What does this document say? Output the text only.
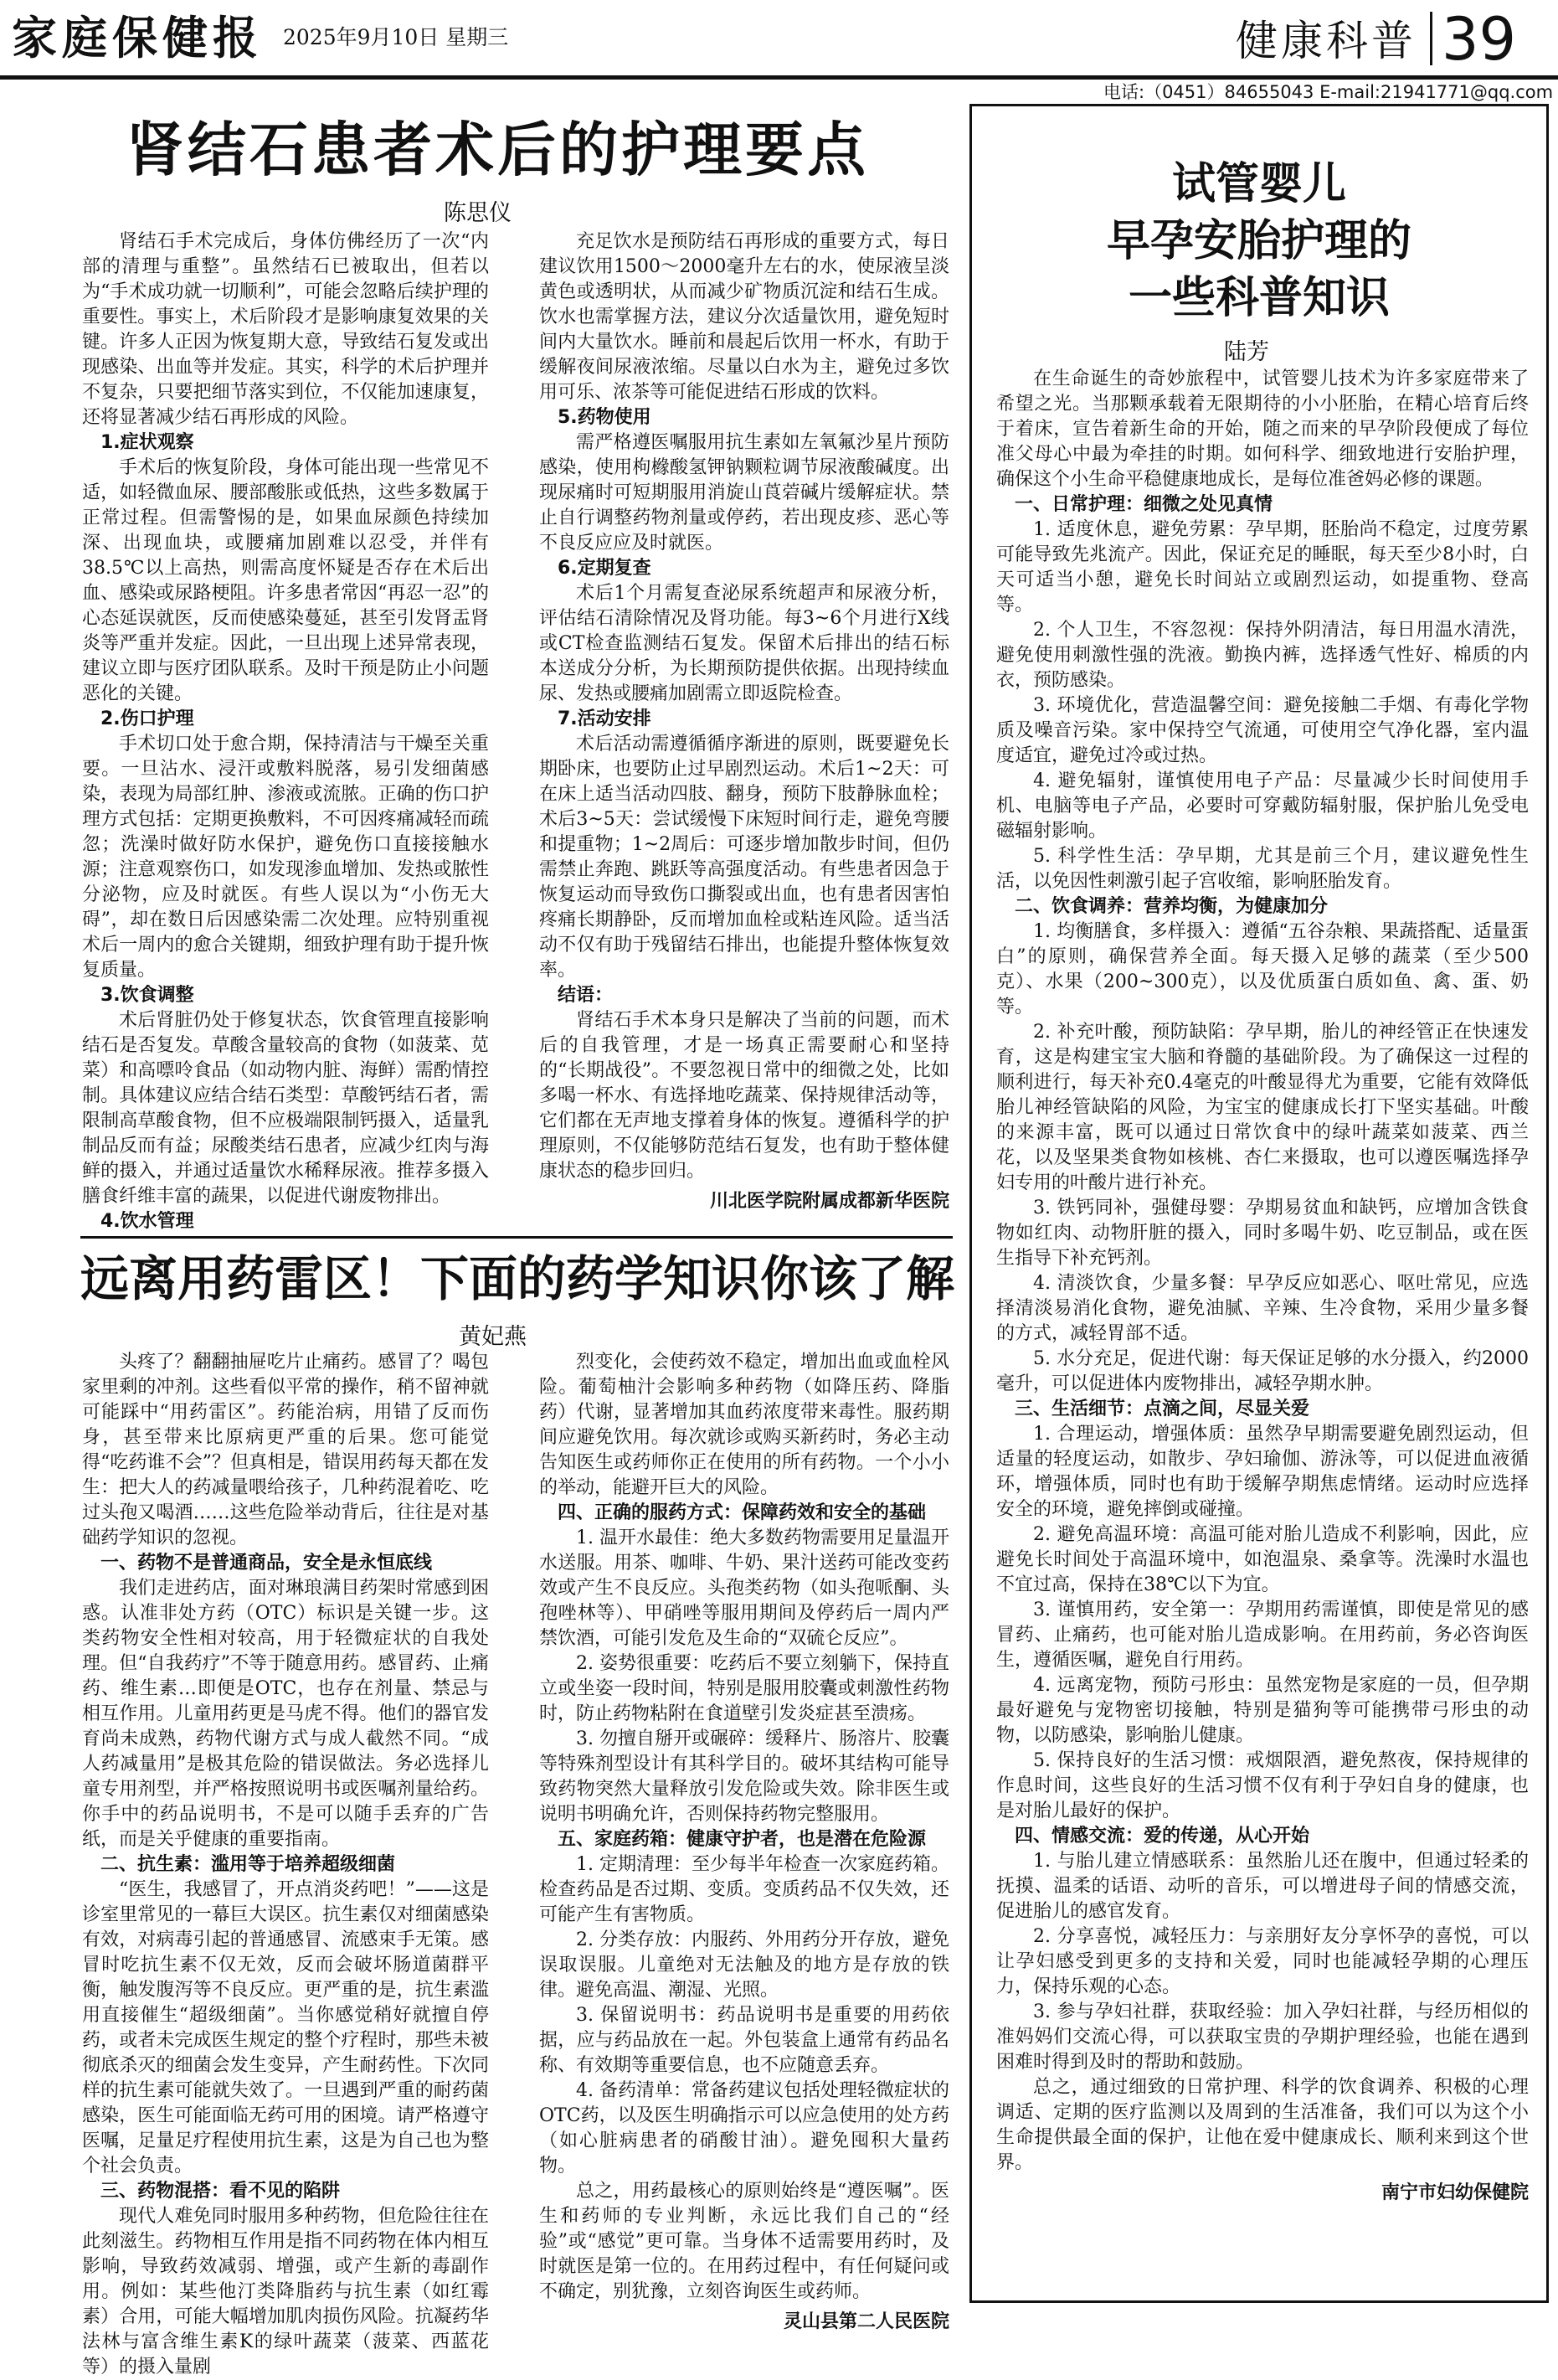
家庭保健报 2025年9月10日 星期三	健康科普 39
电话:（0451）84655043 E-mail:21941771@qq.com
肾结石患者术后的护理要点
陈思仪

肾结石手术完成后，身体仿佛经历了一次“内部的清理与重整”。虽然结石已被取出，但若以为“手术成功就一切顺利”，可能会忽略后续护理的重要性。事实上，术后阶段才是影响康复效果的关键。许多人正因为恢复期大意，导致结石复发或出现感染、出血等并发症。其实，科学的术后护理并不复杂，只要把细节落实到位，不仅能加速康复，还将显著减少结石再形成的风险。

1.症状观察

手术后的恢复阶段，身体可能出现一些常见不适，如轻微血尿、腰部酸胀或低热，这些多数属于正常过程。但需警惕的是，如果血尿颜色持续加深、出现血块，或腰痛加剧难以忍受，并伴有38.5℃以上高热，则需高度怀疑是否存在术后出血、感染或尿路梗阻。许多患者常因“再忍一忍”的心态延误就医，反而使感染蔓延，甚至引发肾盂肾炎等严重并发症。因此，一旦出现上述异常表现，建议立即与医疗团队联系。及时干预是防止小问题恶化的关键。

2.伤口护理

手术切口处于愈合期，保持清洁与干燥至关重要。一旦沾水、浸汗或敷料脱落，易引发细菌感染，表现为局部红肿、渗液或流脓。正确的伤口护理方式包括：定期更换敷料，不可因疼痛减轻而疏忽；洗澡时做好防水保护，避免伤口直接接触水源；注意观察伤口，如发现渗血增加、发热或脓性分泌物，应及时就医。有些人误以为“小伤无大碍”，却在数日后因感染需二次处理。应特别重视术后一周内的愈合关键期，细致护理有助于提升恢复质量。

3.饮食调整

术后肾脏仍处于修复状态，饮食管理直接影响结石是否复发。草酸含量较高的食物（如菠菜、苋菜）和高嘌呤食品（如动物内脏、海鲜）需酌情控制。具体建议应结合结石类型：草酸钙结石者，需限制高草酸食物，但不应极端限制钙摄入，适量乳制品反而有益；尿酸类结石患者，应减少红肉与海鲜的摄入，并通过适量饮水稀释尿液。推荐多摄入膳食纤维丰富的蔬果，以促进代谢废物排出。

4.饮水管理

充足饮水是预防结石再形成的重要方式，每日建议饮用1500～2000毫升左右的水，使尿液呈淡黄色或透明状，从而减少矿物质沉淀和结石生成。饮水也需掌握方法，建议分次适量饮用，避免短时间内大量饮水。睡前和晨起后饮用一杯水，有助于缓解夜间尿液浓缩。尽量以白水为主，避免过多饮用可乐、浓茶等可能促进结石形成的饮料。

5.药物使用

需严格遵医嘱服用抗生素如左氧氟沙星片预防感染，使用枸橼酸氢钾钠颗粒调节尿液酸碱度。出现尿痛时可短期服用消旋山莨菪碱片缓解症状。禁止自行调整药物剂量或停药，若出现皮疹、恶心等不良反应应及时就医。

6.定期复查

术后1个月需复查泌尿系统超声和尿液分析，评估结石清除情况及肾功能。每3~6个月进行X线或CT检查监测结石复发。保留术后排出的结石标本送成分分析，为长期预防提供依据。出现持续血尿、发热或腰痛加剧需立即返院检查。

7.活动安排

术后活动需遵循循序渐进的原则，既要避免长期卧床，也要防止过早剧烈运动。术后1~2天：可在床上适当活动四肢、翻身，预防下肢静脉血栓；术后3~5天：尝试缓慢下床短时间行走，避免弯腰和提重物；1~2周后：可逐步增加散步时间，但仍需禁止奔跑、跳跃等高强度活动。有些患者因急于恢复运动而导致伤口撕裂或出血，也有患者因害怕疼痛长期静卧，反而增加血栓或粘连风险。适当活动不仅有助于残留结石排出，也能提升整体恢复效率。

结语：

肾结石手术本身只是解决了当前的问题，而术后的自我管理，才是一场真正需要耐心和坚持的“长期战役”。不要忽视日常中的细微之处，比如多喝一杯水、有选择地吃蔬菜、保持规律活动等，它们都在无声地支撑着身体的恢复。遵循科学的护理原则，不仅能够防范结石复发，也有助于整体健康状态的稳步回归。

川北医学院附属成都新华医院

远离用药雷区！下面的药学知识你该了解
黄妃燕

头疼了？翻翻抽屉吃片止痛药。感冒了？喝包家里剩的冲剂。这些看似平常的操作，稍不留神就可能踩中“用药雷区”。药能治病，用错了反而伤身，甚至带来比原病更严重的后果。您可能觉得“吃药谁不会”？但真相是，错误用药每天都在发生：把大人的药减量喂给孩子，几种药混着吃、吃过头孢又喝酒……这些危险举动背后，往往是对基础药学知识的忽视。

一、药物不是普通商品，安全是永恒底线

我们走进药店，面对琳琅满目药架时常感到困惑。认准非处方药（OTC）标识是关键一步。这类药物安全性相对较高，用于轻微症状的自我处理。但“自我药疗”不等于随意用药。感冒药、止痛药、维生素…即便是OTC，也存在剂量、禁忌与相互作用。儿童用药更是马虎不得。他们的器官发育尚未成熟，药物代谢方式与成人截然不同。“成人药减量用”是极其危险的错误做法。务必选择儿童专用剂型，并严格按照说明书或医嘱剂量给药。你手中的药品说明书，不是可以随手丢弃的广告纸，而是关乎健康的重要指南。

二、抗生素：滥用等于培养超级细菌

“医生，我感冒了，开点消炎药吧！”——这是诊室里常见的一幕巨大误区。抗生素仅对细菌感染有效，对病毒引起的普通感冒、流感束手无策。感冒时吃抗生素不仅无效，反而会破坏肠道菌群平衡，触发腹泻等不良反应。更严重的是，抗生素滥用直接催生“超级细菌”。当你感觉稍好就擅自停药，或者未完成医生规定的整个疗程时，那些未被彻底杀灭的细菌会发生变异，产生耐药性。下次同样的抗生素可能就失效了。一旦遇到严重的耐药菌感染，医生可能面临无药可用的困境。请严格遵守医嘱，足量足疗程使用抗生素，这是为自己也为整个社会负责。

三、药物混搭：看不见的陷阱

现代人难免同时服用多种药物，但危险往往在此刻滋生。药物相互作用是指不同药物在体内相互影响，导致药效减弱、增强，或产生新的毒副作用。例如：某些他汀类降脂药与抗生素（如红霉素）合用，可能大幅增加肌肉损伤风险。抗凝药华法林与富含维生素K的绿叶蔬菜（菠菜、西蓝花等）的摄入量剧

烈变化，会使药效不稳定，增加出血或血栓风险。葡萄柚汁会影响多种药物（如降压药、降脂药）代谢，显著增加其血药浓度带来毒性。服药期间应避免饮用。每次就诊或购买新药时，务必主动告知医生或药师你正在使用的所有药物。一个小小的举动，能避开巨大的风险。

四、正确的服药方式：保障药效和安全的基础

1. 温开水最佳：绝大多数药物需要用足量温开水送服。用茶、咖啡、牛奶、果汁送药可能改变药效或产生不良反应。头孢类药物（如头孢哌酮、头孢唑林等）、甲硝唑等服用期间及停药后一周内严禁饮酒，可能引发危及生命的“双硫仑反应”。

2. 姿势很重要：吃药后不要立刻躺下，保持直立或坐姿一段时间，特别是服用胶囊或刺激性药物时，防止药物粘附在食道壁引发炎症甚至溃疡。

3. 勿擅自掰开或碾碎：缓释片、肠溶片、胶囊等特殊剂型设计有其科学目的。破坏其结构可能导致药物突然大量释放引发危险或失效。除非医生或说明书明确允许，否则保持药物完整服用。

五、家庭药箱：健康守护者，也是潜在危险源

1. 定期清理：至少每半年检查一次家庭药箱。检查药品是否过期、变质。变质药品不仅失效，还可能产生有害物质。

2. 分类存放：内服药、外用药分开存放，避免误取误服。儿童绝对无法触及的地方是存放的铁律。避免高温、潮湿、光照。

3. 保留说明书：药品说明书是重要的用药依据，应与药品放在一起。外包装盒上通常有药品名称、有效期等重要信息，也不应随意丢弃。

4. 备药清单：常备药建议包括处理轻微症状的OTC药，以及医生明确指示可以应急使用的处方药（如心脏病患者的硝酸甘油）。避免囤积大量药物。

总之，用药最核心的原则始终是“遵医嘱”。医生和药师的专业判断，永远比我们自己的“经验”或“感觉”更可靠。当身体不适需要用药时，及时就医是第一位的。在用药过程中，有任何疑问或不确定，别犹豫，立刻咨询医生或药师。

灵山县第二人民医院

试管婴儿
早孕安胎护理的
一些科普知识
陆芳

在生命诞生的奇妙旅程中，试管婴儿技术为许多家庭带来了希望之光。当那颗承载着无限期待的小小胚胎，在精心培育后终于着床，宣告着新生命的开始，随之而来的早孕阶段便成了每位准父母心中最为牵挂的时期。如何科学、细致地进行安胎护理，确保这个小生命平稳健康地成长，是每位准爸妈必修的课题。

一、日常护理：细微之处见真情

1. 适度休息，避免劳累：孕早期，胚胎尚不稳定，过度劳累可能导致先兆流产。因此，保证充足的睡眠，每天至少8小时，白天可适当小憩，避免长时间站立或剧烈运动，如提重物、登高等。

2. 个人卫生，不容忽视：保持外阴清洁，每日用温水清洗，避免使用刺激性强的洗液。勤换内裤，选择透气性好、棉质的内衣，预防感染。

3. 环境优化，营造温馨空间：避免接触二手烟、有毒化学物质及噪音污染。家中保持空气流通，可使用空气净化器，室内温度适宜，避免过冷或过热。

4. 避免辐射，谨慎使用电子产品：尽量减少长时间使用手机、电脑等电子产品，必要时可穿戴防辐射服，保护胎儿免受电磁辐射影响。

5. 科学性生活：孕早期，尤其是前三个月，建议避免性生活，以免因性刺激引起子宫收缩，影响胚胎发育。

二、饮食调养：营养均衡，为健康加分

1. 均衡膳食，多样摄入：遵循“五谷杂粮、果蔬搭配、适量蛋白”的原则，确保营养全面。每天摄入足够的蔬菜（至少500克）、水果（200~300克），以及优质蛋白质如鱼、禽、蛋、奶等。

2. 补充叶酸，预防缺陷：孕早期，胎儿的神经管正在快速发育，这是构建宝宝大脑和脊髓的基础阶段。为了确保这一过程的顺利进行，每天补充0.4毫克的叶酸显得尤为重要，它能有效降低胎儿神经管缺陷的风险，为宝宝的健康成长打下坚实基础。叶酸的来源丰富，既可以通过日常饮食中的绿叶蔬菜如菠菜、西兰花，以及坚果类食物如核桃、杏仁来摄取，也可以遵医嘱选择孕妇专用的叶酸片进行补充。

3. 铁钙同补，强健母婴：孕期易贫血和缺钙，应增加含铁食物如红肉、动物肝脏的摄入，同时多喝牛奶、吃豆制品，或在医生指导下补充钙剂。

4. 清淡饮食，少量多餐：早孕反应如恶心、呕吐常见，应选择清淡易消化食物，避免油腻、辛辣、生冷食物，采用少量多餐的方式，减轻胃部不适。

5. 水分充足，促进代谢：每天保证足够的水分摄入，约2000毫升，可以促进体内废物排出，减轻孕期水肿。

三、生活细节：点滴之间，尽显关爱

1. 合理运动，增强体质：虽然孕早期需要避免剧烈运动，但适量的轻度运动，如散步、孕妇瑜伽、游泳等，可以促进血液循环，增强体质，同时也有助于缓解孕期焦虑情绪。运动时应选择安全的环境，避免摔倒或碰撞。

2. 避免高温环境：高温可能对胎儿造成不利影响，因此，应避免长时间处于高温环境中，如泡温泉、桑拿等。洗澡时水温也不宜过高，保持在38℃以下为宜。

3. 谨慎用药，安全第一：孕期用药需谨慎，即使是常见的感冒药、止痛药，也可能对胎儿造成影响。在用药前，务必咨询医生，遵循医嘱，避免自行用药。

4. 远离宠物，预防弓形虫：虽然宠物是家庭的一员，但孕期最好避免与宠物密切接触，特别是猫狗等可能携带弓形虫的动物，以防感染，影响胎儿健康。

5. 保持良好的生活习惯：戒烟限酒，避免熬夜，保持规律的作息时间，这些良好的生活习惯不仅有利于孕妇自身的健康，也是对胎儿最好的保护。

四、情感交流：爱的传递，从心开始

1. 与胎儿建立情感联系：虽然胎儿还在腹中，但通过轻柔的抚摸、温柔的话语、动听的音乐，可以增进母子间的情感交流，促进胎儿的感官发育。

2. 分享喜悦，减轻压力：与亲朋好友分享怀孕的喜悦，可以让孕妇感受到更多的支持和关爱，同时也能减轻孕期的心理压力，保持乐观的心态。

3. 参与孕妇社群，获取经验：加入孕妇社群，与经历相似的准妈妈们交流心得，可以获取宝贵的孕期护理经验，也能在遇到困难时得到及时的帮助和鼓励。

总之，通过细致的日常护理、科学的饮食调养、积极的心理调适、定期的医疗监测以及周到的生活准备，我们可以为这个小生命提供最全面的保护，让他在爱中健康成长、顺利来到这个世界。

南宁市妇幼保健院
